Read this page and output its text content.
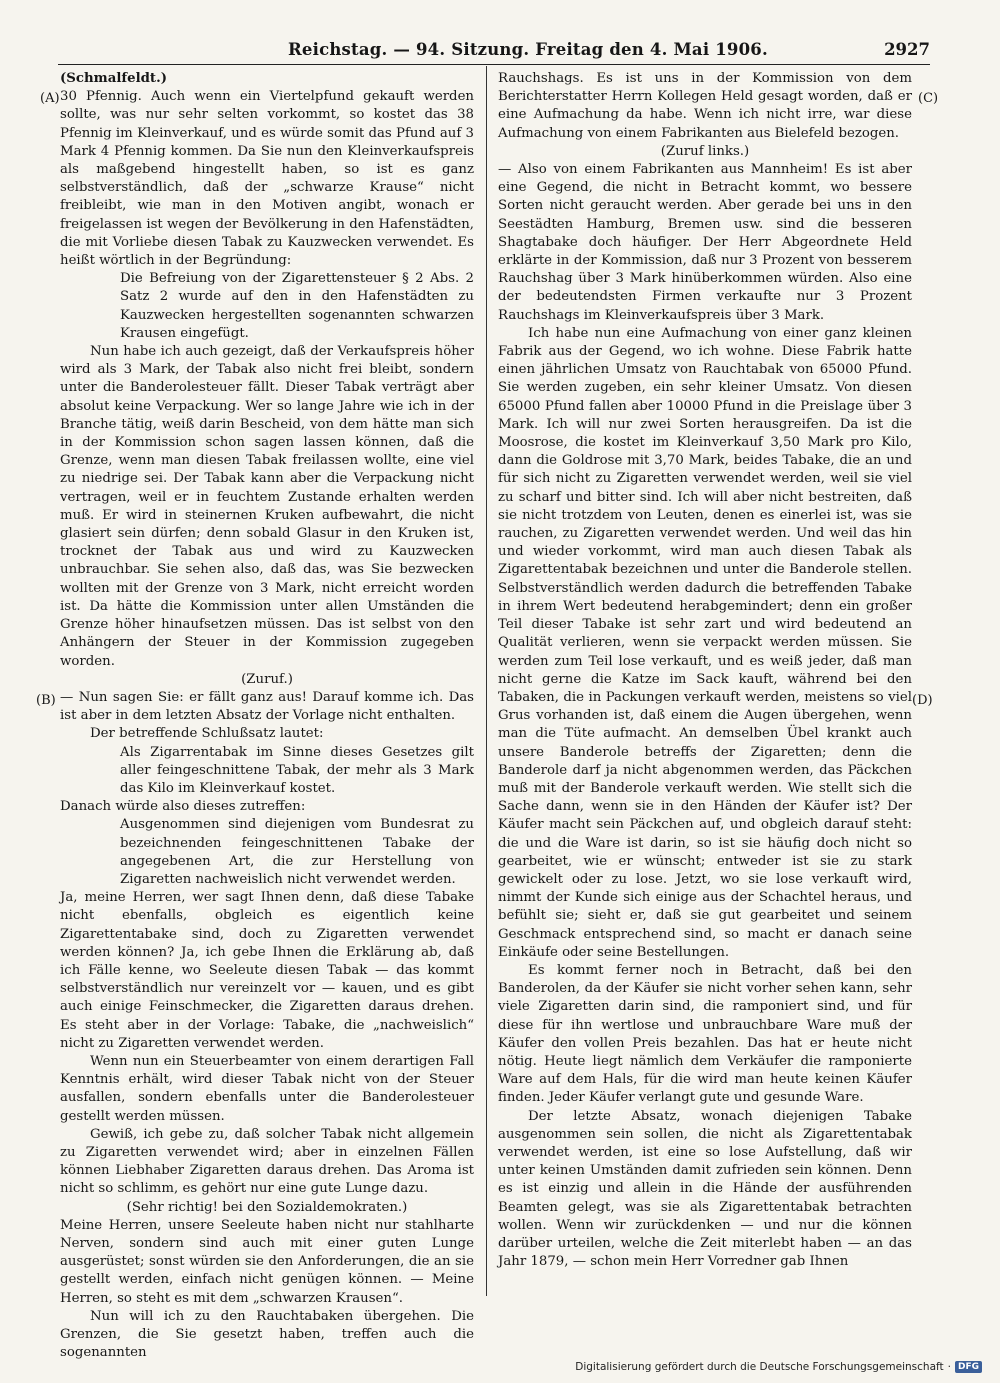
Reichstag. — 94. Sitzung. Freitag den 4. Mai 1906.	2927
(A)
(B)
(C)
(D)

(Schmalfeldt.)

30 Pfennig. Auch wenn ein Viertelpfund gekauft werden sollte, was nur sehr selten vorkommt, so kostet das 38 Pfennig im Kleinverkauf, und es würde somit das Pfund auf 3 Mark 4 Pfennig kommen. Da Sie nun den Kleinverkaufspreis als maßgebend hingestellt haben, so ist es ganz selbstverständlich, daß der „schwarze Krause“ nicht freibleibt, wie man in den Motiven angibt, wonach er freigelassen ist wegen der Bevölkerung in den Hafenstädten, die mit Vorliebe diesen Tabak zu Kauzwecken verwendet. Es heißt wörtlich in der Begründung:

Die Befreiung von der Zigarettensteuer § 2 Abs. 2 Satz 2 wurde auf den in den Hafenstädten zu Kauzwecken hergestellten sogenannten schwarzen Krausen eingefügt.

Nun habe ich auch gezeigt, daß der Verkaufspreis höher wird als 3 Mark, der Tabak also nicht frei bleibt, sondern unter die Banderolesteuer fällt. Dieser Tabak verträgt aber absolut keine Verpackung. Wer so lange Jahre wie ich in der Branche tätig, weiß darin Bescheid, von dem hätte man sich in der Kommission schon sagen lassen können, daß die Grenze, wenn man diesen Tabak freilassen wollte, eine viel zu niedrige sei. Der Tabak kann aber die Verpackung nicht vertragen, weil er in feuchtem Zustande erhalten werden muß. Er wird in steinernen Kruken aufbewahrt, die nicht glasiert sein dürfen; denn sobald Glasur in den Kruken ist, trocknet der Tabak aus und wird zu Kauzwecken unbrauchbar. Sie sehen also, daß das, was Sie bezwecken wollten mit der Grenze von 3 Mark, nicht erreicht worden ist. Da hätte die Kommission unter allen Umständen die Grenze höher hinaufsetzen müssen. Das ist selbst von den Anhängern der Steuer in der Kommission zugegeben worden.

(Zuruf.)

— Nun sagen Sie: er fällt ganz aus! Darauf komme ich. Das ist aber in dem letzten Absatz der Vorlage nicht enthalten.

Der betreffende Schlußsatz lautet:

Als Zigarrentabak im Sinne dieses Gesetzes gilt aller feingeschnittene Tabak, der mehr als 3 Mark das Kilo im Kleinverkauf kostet.

Danach würde also dieses zutreffen:

Ausgenommen sind diejenigen vom Bundesrat zu bezeichnenden feingeschnittenen Tabake der angegebenen Art, die zur Herstellung von Zigaretten nachweislich nicht verwendet werden.

Ja, meine Herren, wer sagt Ihnen denn, daß diese Tabake nicht ebenfalls, obgleich es eigentlich keine Zigarettentabake sind, doch zu Zigaretten verwendet werden können? Ja, ich gebe Ihnen die Erklärung ab, daß ich Fälle kenne, wo Seeleute diesen Tabak — das kommt selbstverständlich nur vereinzelt vor — kauen, und es gibt auch einige Feinschmecker, die Zigaretten daraus drehen. Es steht aber in der Vorlage: Tabake, die „nachweislich“ nicht zu Zigaretten verwendet werden.

Wenn nun ein Steuerbeamter von einem derartigen Fall Kenntnis erhält, wird dieser Tabak nicht von der Steuer ausfallen, sondern ebenfalls unter die Banderolesteuer gestellt werden müssen.

Gewiß, ich gebe zu, daß solcher Tabak nicht allgemein zu Zigaretten verwendet wird; aber in einzelnen Fällen können Liebhaber Zigaretten daraus drehen. Das Aroma ist nicht so schlimm, es gehört nur eine gute Lunge dazu.

(Sehr richtig! bei den Sozialdemokraten.)

Meine Herren, unsere Seeleute haben nicht nur stahlharte Nerven, sondern sind auch mit einer guten Lunge ausgerüstet; sonst würden sie den Anforderungen, die an sie gestellt werden, einfach nicht genügen können. — Meine Herren, so steht es mit dem „schwarzen Krausen“.

Nun will ich zu den Rauchtabaken übergehen. Die Grenzen, die Sie gesetzt haben, treffen auch die sogenannten

Rauchshags. Es ist uns in der Kommission von dem Berichterstatter Herrn Kollegen Held gesagt worden, daß er eine Aufmachung da habe. Wenn ich nicht irre, war diese Aufmachung von einem Fabrikanten aus Bielefeld bezogen.

(Zuruf links.)

— Also von einem Fabrikanten aus Mannheim! Es ist aber eine Gegend, die nicht in Betracht kommt, wo bessere Sorten nicht geraucht werden. Aber gerade bei uns in den Seestädten Hamburg, Bremen usw. sind die besseren Shagtabake doch häufiger. Der Herr Abgeordnete Held erklärte in der Kommission, daß nur 3 Prozent von besserem Rauchshag über 3 Mark hinüberkommen würden. Also eine der bedeutendsten Firmen verkaufte nur 3 Prozent Rauchshags im Kleinverkaufspreis über 3 Mark.

Ich habe nun eine Aufmachung von einer ganz kleinen Fabrik aus der Gegend, wo ich wohne. Diese Fabrik hatte einen jährlichen Umsatz von Rauchtabak von 65000 Pfund. Sie werden zugeben, ein sehr kleiner Umsatz. Von diesen 65000 Pfund fallen aber 10000 Pfund in die Preislage über 3 Mark. Ich will nur zwei Sorten herausgreifen. Da ist die Moosrose, die kostet im Kleinverkauf 3,50 Mark pro Kilo, dann die Goldrose mit 3,70 Mark, beides Tabake, die an und für sich nicht zu Zigaretten verwendet werden, weil sie viel zu scharf und bitter sind. Ich will aber nicht bestreiten, daß sie nicht trotzdem von Leuten, denen es einerlei ist, was sie rauchen, zu Zigaretten verwendet werden. Und weil das hin und wieder vorkommt, wird man auch diesen Tabak als Zigarettentabak bezeichnen und unter die Banderole stellen. Selbstverständlich werden dadurch die betreffenden Tabake in ihrem Wert bedeutend herabgemindert; denn ein großer Teil dieser Tabake ist sehr zart und wird bedeutend an Qualität verlieren, wenn sie verpackt werden müssen. Sie werden zum Teil lose verkauft, und es weiß jeder, daß man nicht gerne die Katze im Sack kauft, während bei den Tabaken, die in Packungen verkauft werden, meistens so viel Grus vorhanden ist, daß einem die Augen übergehen, wenn man die Tüte aufmacht. An demselben Übel krankt auch unsere Banderole betreffs der Zigaretten; denn die Banderole darf ja nicht abgenommen werden, das Päckchen muß mit der Banderole verkauft werden. Wie stellt sich die Sache dann, wenn sie in den Händen der Käufer ist? Der Käufer macht sein Päckchen auf, und obgleich darauf steht: die und die Ware ist darin, so ist sie häufig doch nicht so gearbeitet, wie er wünscht; entweder ist sie zu stark gewickelt oder zu lose. Jetzt, wo sie lose verkauft wird, nimmt der Kunde sich einige aus der Schachtel heraus, und befühlt sie; sieht er, daß sie gut gearbeitet und seinem Geschmack entsprechend sind, so macht er danach seine Einkäufe oder seine Bestellungen.

Es kommt ferner noch in Betracht, daß bei den Banderolen, da der Käufer sie nicht vorher sehen kann, sehr viele Zigaretten darin sind, die ramponiert sind, und für diese für ihn wertlose und unbrauchbare Ware muß der Käufer den vollen Preis bezahlen. Das hat er heute nicht nötig. Heute liegt nämlich dem Verkäufer die ramponierte Ware auf dem Hals, für die wird man heute keinen Käufer finden. Jeder Käufer verlangt gute und gesunde Ware.

Der letzte Absatz, wonach diejenigen Tabake ausgenommen sein sollen, die nicht als Zigarettentabak verwendet werden, ist eine so lose Aufstellung, daß wir unter keinen Umständen damit zufrieden sein können. Denn es ist einzig und allein in die Hände der ausführenden Beamten gelegt, was sie als Zigarettentabak betrachten wollen. Wenn wir zurückdenken — und nur die können darüber urteilen, welche die Zeit miterlebt haben — an das Jahr 1879, — schon mein Herr Vorredner gab Ihnen

Digitalisierung gefördert durch die Deutsche Forschungsgemeinschaft · DFG
